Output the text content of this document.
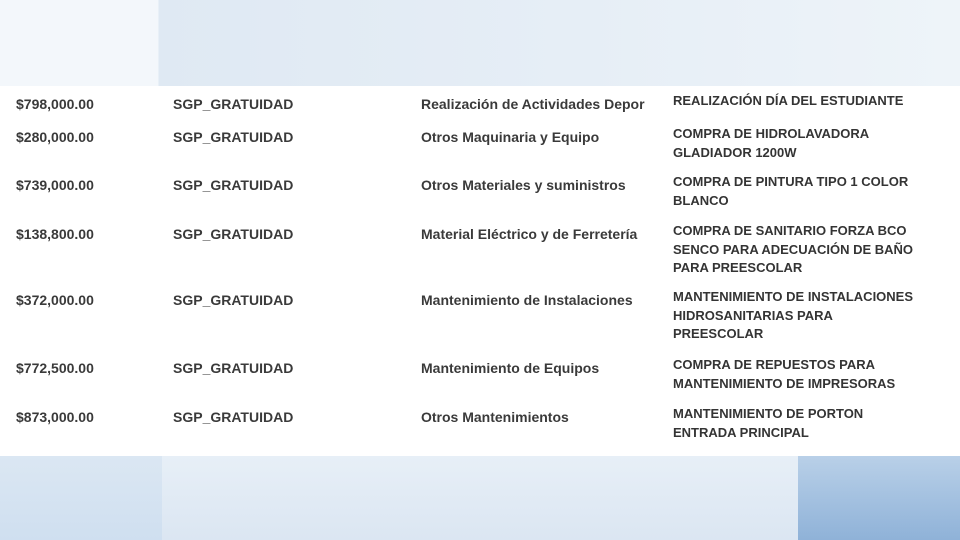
$798,000.00	SGP_GRATUIDAD	Realización de Actividades Depor	REALIZACIÓN DÍA DEL ESTUDIANTE
$280,000.00	SGP_GRATUIDAD	Otros Maquinaria y Equipo	COMPRA DE HIDROLAVADORA GLADIADOR 1200W
$739,000.00	SGP_GRATUIDAD	Otros Materiales y suministros	COMPRA DE PINTURA TIPO 1 COLOR BLANCO
$138,800.00	SGP_GRATUIDAD	Material Eléctrico y de Ferretería	COMPRA DE SANITARIO FORZA BCO SENCO PARA ADECUACIÓN DE BAÑO PARA PREESCOLAR
$372,000.00	SGP_GRATUIDAD	Mantenimiento de Instalaciones	MANTENIMIENTO DE INSTALACIONES HIDROSANITARIAS PARA PREESCOLAR
$772,500.00	SGP_GRATUIDAD	Mantenimiento de Equipos	COMPRA DE REPUESTOS PARA MANTENIMIENTO DE IMPRESORAS
$873,000.00	SGP_GRATUIDAD	Otros Mantenimientos	MANTENIMIENTO DE PORTON ENTRADA PRINCIPAL
